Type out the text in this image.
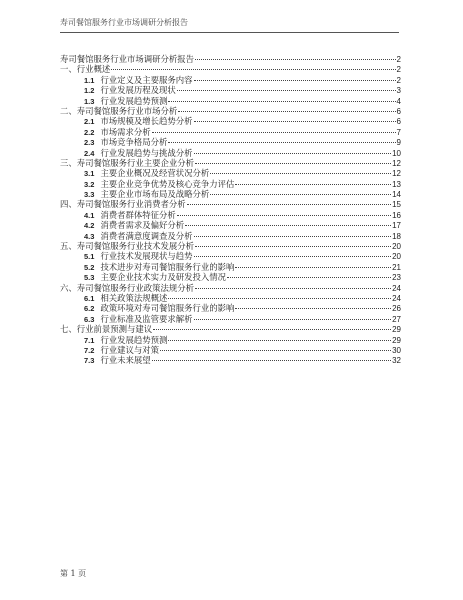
寿司餐馆服务行业市场调研分析报告
寿司餐馆服务行业市场调研分析报告	2
一、行业概述	2
1.1 行业定义及主要服务内容	2
1.2 行业发展历程及现状	3
1.3 行业发展趋势预测	4
二、寿司餐馆服务行业市场分析	6
2.1 市场规模及增长趋势分析	6
2.2 市场需求分析	7
2.3 市场竞争格局分析	9
2.4 行业发展趋势与挑战分析	10
三、寿司餐馆服务行业主要企业分析	12
3.1 主要企业概况及经营状况分析	12
3.2 主要企业竞争优势及核心竞争力评估	13
3.3 主要企业市场布局及战略分析	14
四、寿司餐馆服务行业消费者分析	15
4.1 消费者群体特征分析	16
4.2 消费者需求及偏好分析	17
4.3 消费者满意度调查及分析	18
五、寿司餐馆服务行业技术发展分析	20
5.1 行业技术发展现状与趋势	20
5.2 技术进步对寿司餐馆服务行业的影响	21
5.3 主要企业技术实力及研发投入情况	23
六、寿司餐馆服务行业政策法规分析	24
6.1 相关政策法规概述	24
6.2 政策环境对寿司餐馆服务行业的影响	26
6.3 行业标准及监管要求解析	27
七、行业前景预测与建议	29
7.1 行业发展趋势预测	29
7.2 行业建议与对策	30
7.3 行业未来展望	32
第 1 页
